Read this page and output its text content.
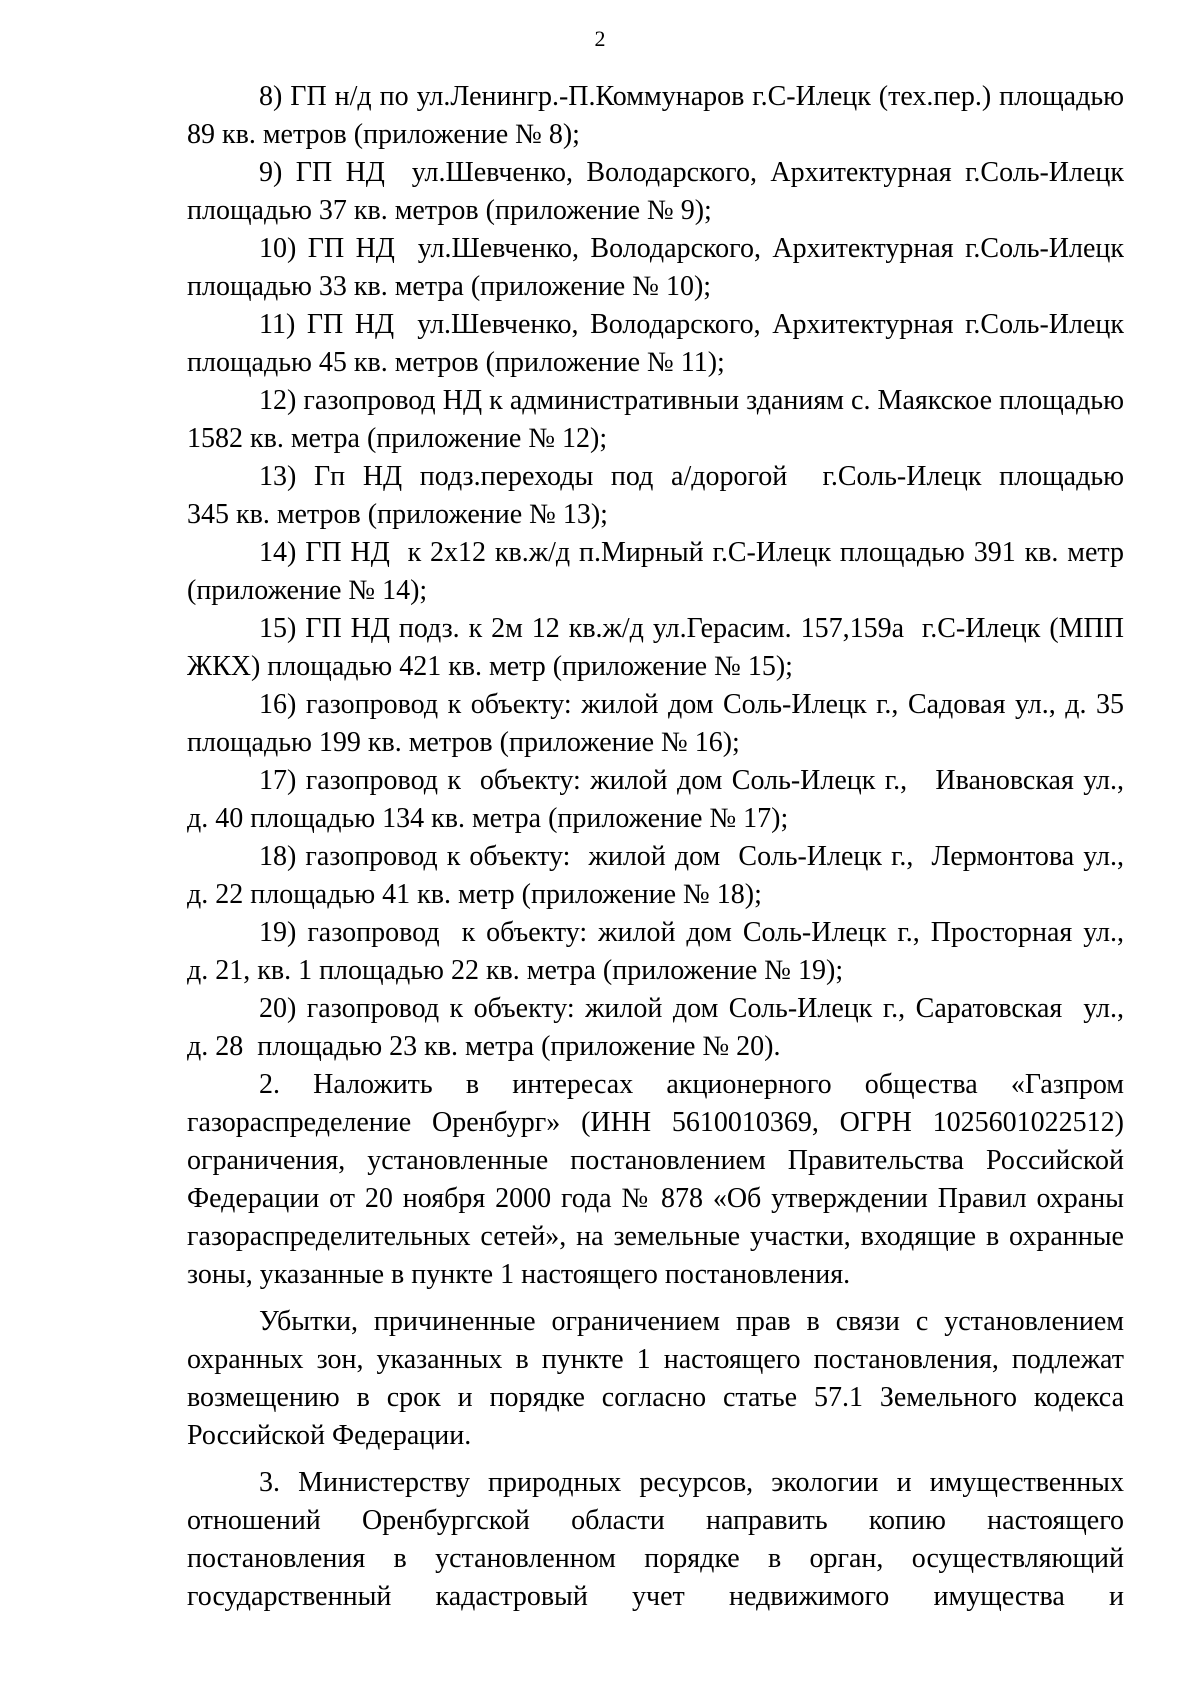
2
8) ГП н/д по ул.Ленингр.-П.Коммунаров г.С-Илецк (тех.пер.) площадью
89 кв. метров (приложение № 8);
9) ГП НД  ул.Шевченко, Володарского, Архитектурная г.Соль-Илецк
площадью 37 кв. метров (приложение № 9);
10) ГП НД  ул.Шевченко, Володарского, Архитектурная г.Соль-Илецк
площадью 33 кв. метра (приложение № 10);
11) ГП НД  ул.Шевченко, Володарского, Архитектурная г.Соль-Илецк
площадью 45 кв. метров (приложение № 11);
12) газопровод НД к административныи зданиям с. Маякское площадью
1582 кв. метра (приложение № 12);
13) Гп НД подз.переходы под а/дорогой  г.Соль-Илецк площадью
345 кв. метров (приложение № 13);
14) ГП НД  к 2х12 кв.ж/д п.Мирный г.С-Илецк площадью 391 кв. метр
(приложение № 14);
15) ГП НД подз. к 2м 12 кв.ж/д ул.Герасим. 157,159а  г.С-Илецк (МПП
ЖКХ) площадью 421 кв. метр (приложение № 15);
16) газопровод к объекту: жилой дом Соль-Илецк г., Садовая ул., д. 35
площадью 199 кв. метров (приложение № 16);
17) газопровод к  объекту: жилой дом Соль-Илецк г.,   Ивановская ул.,
д. 40 площадью 134 кв. метра (приложение № 17);
18) газопровод к объекту:  жилой дом  Соль-Илецк г.,  Лермонтова ул.,
д. 22 площадью 41 кв. метр (приложение № 18);
19) газопровод  к объекту: жилой дом Соль-Илецк г., Просторная ул.,
д. 21, кв. 1 площадью 22 кв. метра (приложение № 19);
20) газопровод к объекту: жилой дом Соль-Илецк г., Саратовская  ул.,
д. 28  площадью 23 кв. метра (приложение № 20).
2. Наложить в интересах акционерного общества «Газпром
газораспределение Оренбург» (ИНН 5610010369, ОГРН 1025601022512)
ограничения, установленные постановлением Правительства Российской
Федерации от 20 ноября 2000 года № 878 «Об утверждении Правил охраны
газораспределительных сетей», на земельные участки, входящие в охранные
зоны, указанные в пункте 1 настоящего постановления.
Убытки, причиненные ограничением прав в связи с установлением
охранных зон, указанных в пункте 1 настоящего постановления, подлежат
возмещению в срок и порядке согласно статье 57.1 Земельного кодекса
Российской Федерации.
3. Министерству природных ресурсов, экологии и имущественных
отношений Оренбургской области направить копию настоящего
постановления в установленном порядке в орган, осуществляющий
государственный кадастровый учет недвижимого имущества и
